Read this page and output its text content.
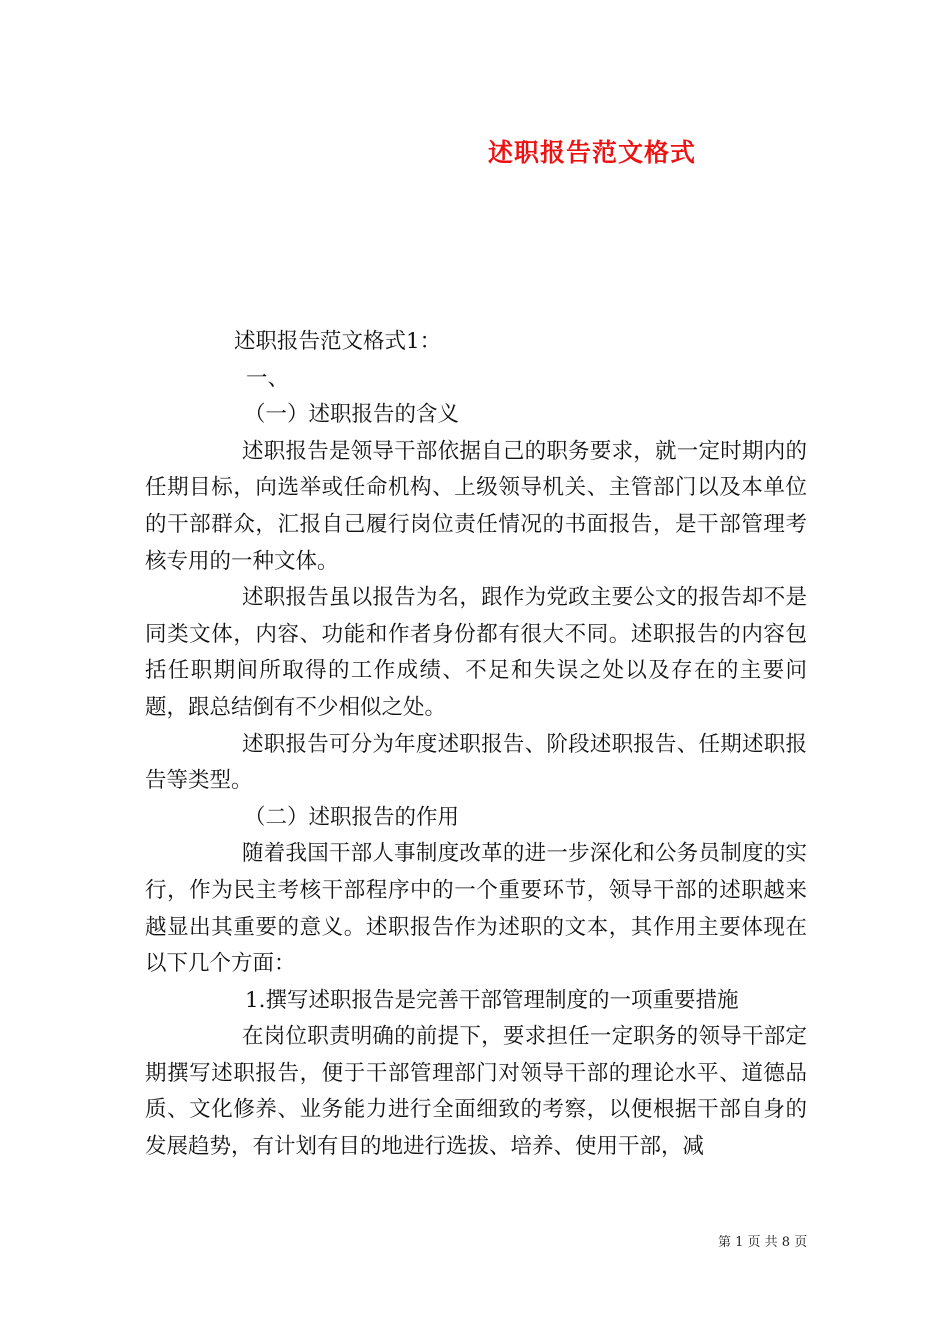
述职报告范文格式

述职报告范文格式1：

一、

（一）述职报告的含义

述职报告是领导干部依据自己的职务要求，就一定时期内的任期目标，向选举或任命机构、上级领导机关、主管部门以及本单位的干部群众，汇报自己履行岗位责任情况的书面报告，是干部管理考核专用的一种文体。

述职报告虽以报告为名，跟作为党政主要公文的报告却不是同类文体，内容、功能和作者身份都有很大不同。述职报告的内容包括任职期间所取得的工作成绩、不足和失误之处以及存在的主要问题，跟总结倒有不少相似之处。

述职报告可分为年度述职报告、阶段述职报告、任期述职报告等类型。

（二）述职报告的作用

随着我国干部人事制度改革的进一步深化和公务员制度的实行，作为民主考核干部程序中的一个重要环节，领导干部的述职越来越显出其重要的意义。述职报告作为述职的文本，其作用主要体现在以下几个方面：

1.撰写述职报告是完善干部管理制度的一项重要措施

在岗位职责明确的前提下，要求担任一定职务的领导干部定期撰写述职报告，便于干部管理部门对领导干部的理论水平、道德品质、文化修养、业务能力进行全面细致的考察，以便根据干部自身的发展趋势，有计划有目的地进行选拔、培养、使用干部，减

第 1 页 共 8 页
